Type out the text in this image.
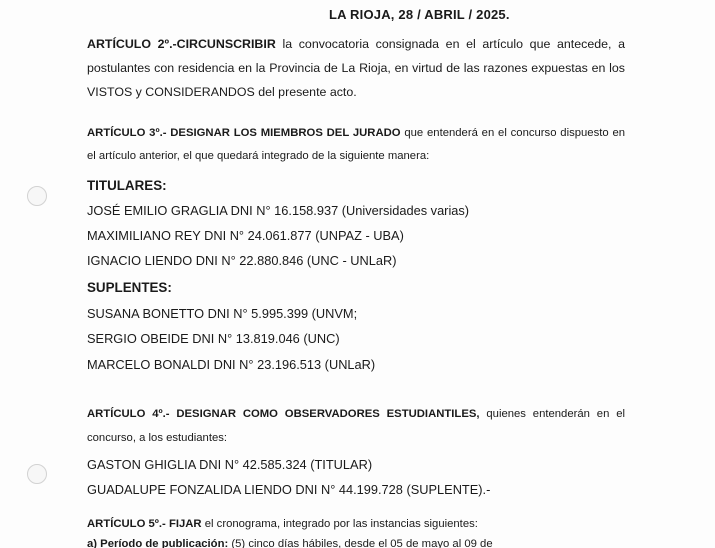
LA RIOJA, 28 / ABRIL / 2025.
ARTÍCULO 2º.-CIRCUNSCRIBIR la convocatoria consignada en el artículo que antecede, a
postulantes con residencia en la Provincia de La Rioja, en virtud de las razones expuestas en los
VISTOS y CONSIDERANDOS del presente acto.
ARTÍCULO 3º.- DESIGNAR LOS MIEMBROS DEL JURADO que entenderá en el concurso dispuesto en
el artículo anterior, el que quedará integrado de la siguiente manera:
TITULARES:
JOSÉ EMILIO GRAGLIA DNI N° 16.158.937 (Universidades varias)
MAXIMILIANO REY DNI N° 24.061.877 (UNPAZ - UBA)
IGNACIO LIENDO DNI N° 22.880.846 (UNC - UNLaR)
SUPLENTES:
SUSANA BONETTO DNI N° 5.995.399 (UNVM;
SERGIO OBEIDE DNI N° 13.819.046 (UNC)
MARCELO BONALDI DNI N° 23.196.513 (UNLaR)
ARTÍCULO 4º.- DESIGNAR COMO OBSERVADORES ESTUDIANTILES, quienes entenderán en el
concurso, a los estudiantes:
GASTON GHIGLIA DNI N° 42.585.324 (TITULAR)
GUADALUPE FONZALIDA LIENDO DNI N° 44.199.728 (SUPLENTE).-
ARTÍCULO 5º.- FIJAR el cronograma, integrado por las instancias siguientes:
a) Período de publicación: (5) cinco días hábiles, desde el 05 de mayo al 09 de
